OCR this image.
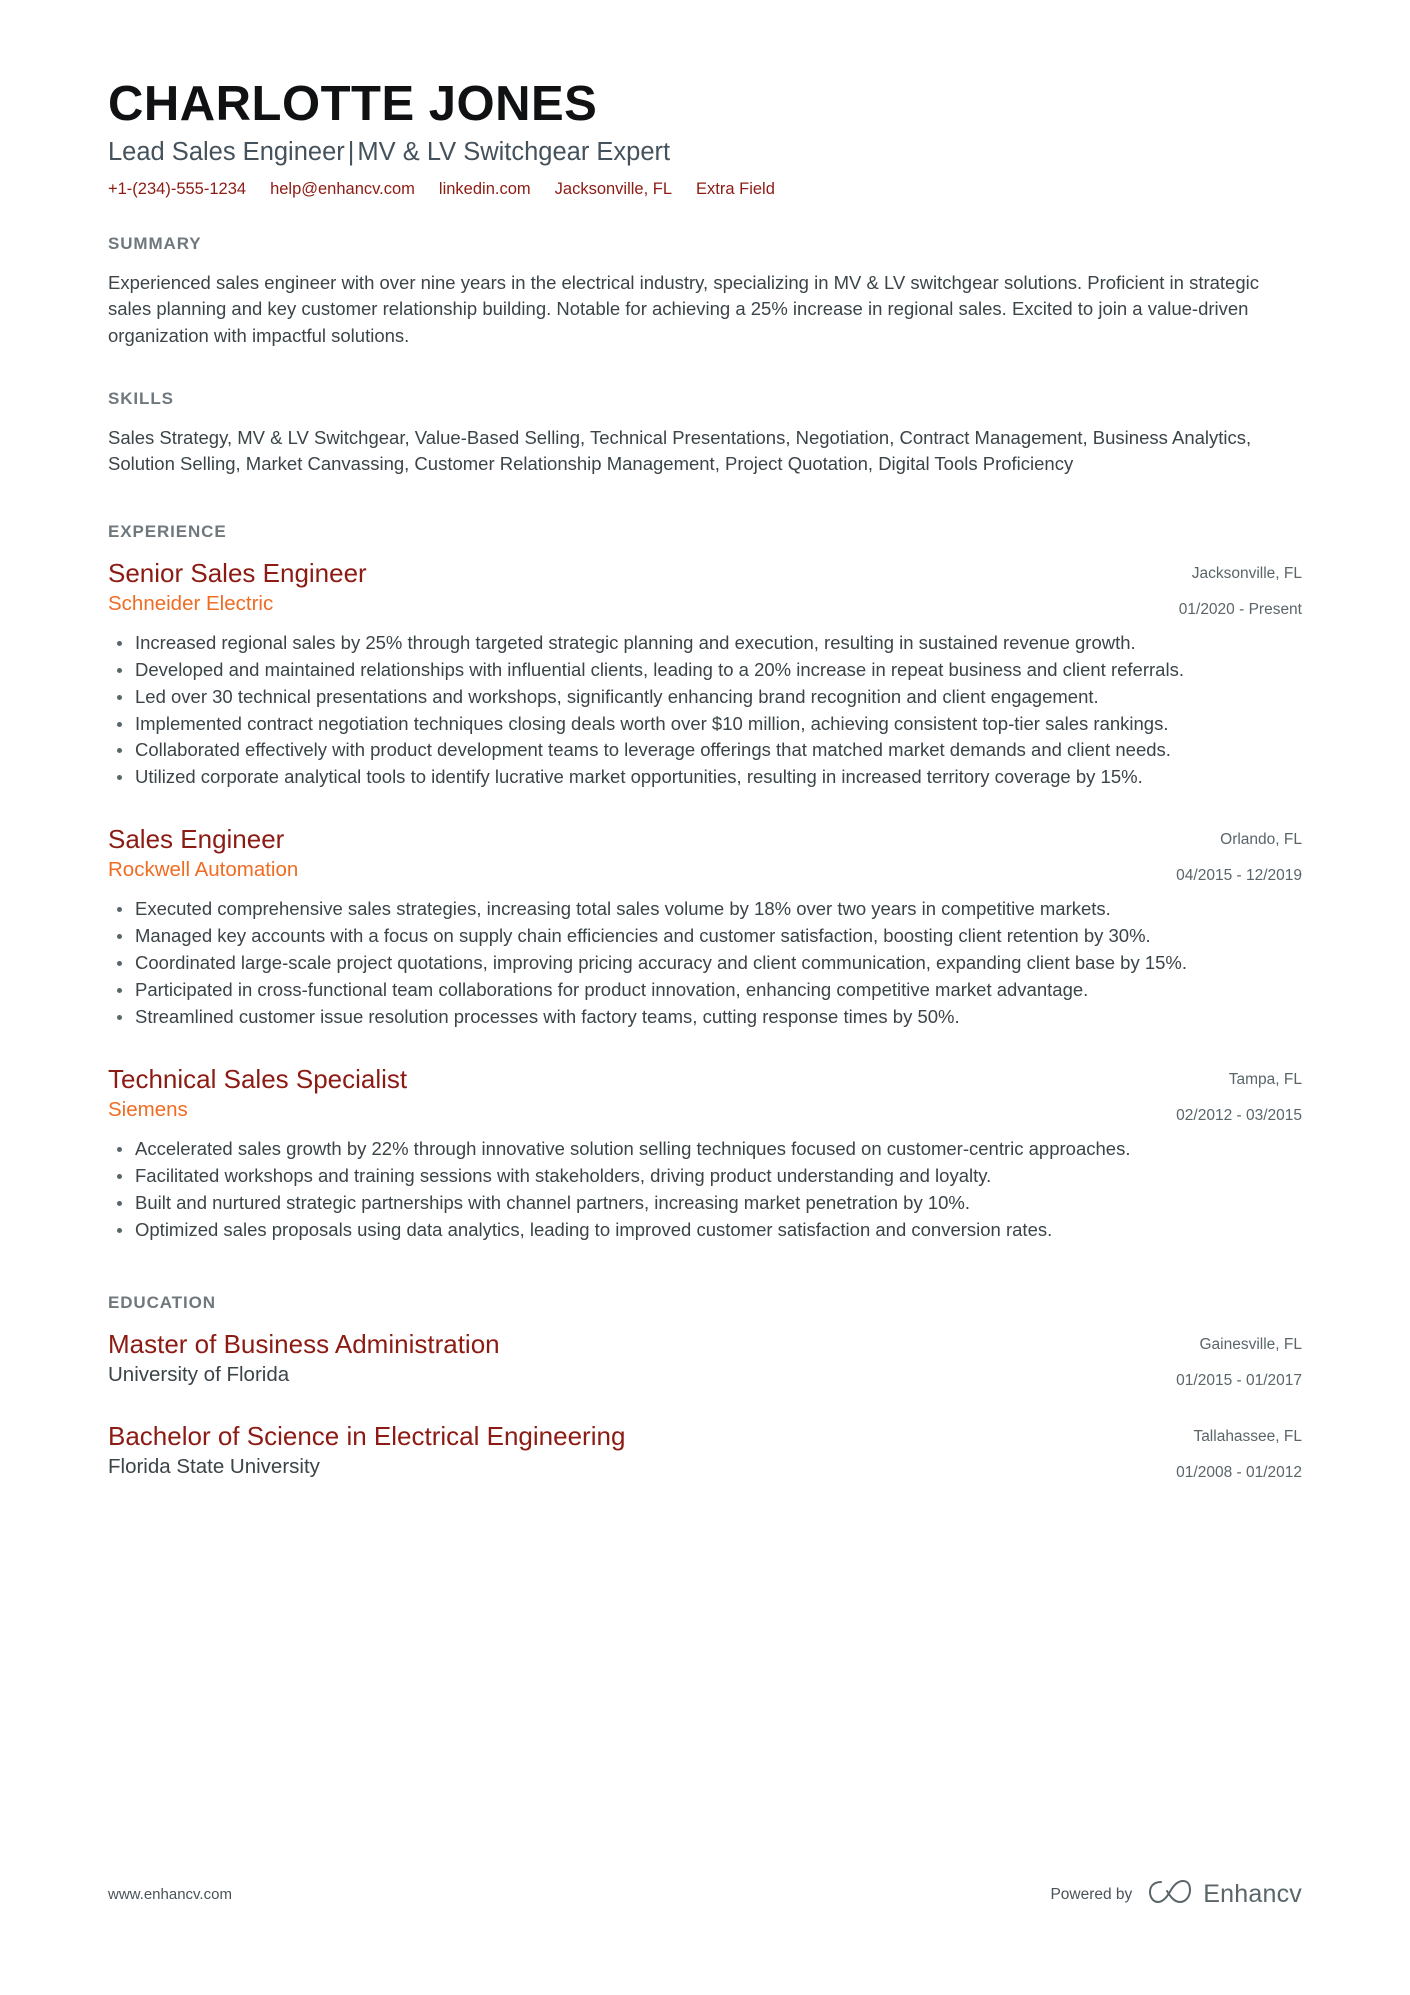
CHARLOTTE JONES
Lead Sales Engineer | MV & LV Switchgear Expert
+1-(234)-555-1234 help@enhancv.com linkedin.com Jacksonville, FL Extra Field
SUMMARY

Experienced sales engineer with over nine years in the electrical industry, specializing in MV & LV switchgear solutions. Proficient in strategic sales planning and key customer relationship building. Notable for achieving a 25% increase in regional sales. Excited to join a value-driven organization with impactful solutions.

SKILLS

Sales Strategy, MV & LV Switchgear, Value-Based Selling, Technical Presentations, Negotiation, Contract Management, Business Analytics, Solution Selling, Market Canvassing, Customer Relationship Management, Project Quotation, Digital Tools Proficiency

EXPERIENCE
Senior Sales Engineer
Schneider Electric
Jacksonville, FL
01/2020 - Present
Increased regional sales by 25% through targeted strategic planning and execution, resulting in sustained revenue growth.
Developed and maintained relationships with influential clients, leading to a 20% increase in repeat business and client referrals.
Led over 30 technical presentations and workshops, significantly enhancing brand recognition and client engagement.
Implemented contract negotiation techniques closing deals worth over $10 million, achieving consistent top-tier sales rankings.
Collaborated effectively with product development teams to leverage offerings that matched market demands and client needs.
Utilized corporate analytical tools to identify lucrative market opportunities, resulting in increased territory coverage by 15%.
Sales Engineer
Rockwell Automation
Orlando, FL
04/2015 - 12/2019
Executed comprehensive sales strategies, increasing total sales volume by 18% over two years in competitive markets.
Managed key accounts with a focus on supply chain efficiencies and customer satisfaction, boosting client retention by 30%.
Coordinated large-scale project quotations, improving pricing accuracy and client communication, expanding client base by 15%.
Participated in cross-functional team collaborations for product innovation, enhancing competitive market advantage.
Streamlined customer issue resolution processes with factory teams, cutting response times by 50%.
Technical Sales Specialist
Siemens
Tampa, FL
02/2012 - 03/2015
Accelerated sales growth by 22% through innovative solution selling techniques focused on customer-centric approaches.
Facilitated workshops and training sessions with stakeholders, driving product understanding and loyalty.
Built and nurtured strategic partnerships with channel partners, increasing market penetration by 10%.
Optimized sales proposals using data analytics, leading to improved customer satisfaction and conversion rates.
EDUCATION
Master of Business Administration
University of Florida
Gainesville, FL
01/2015 - 01/2017
Bachelor of Science in Electrical Engineering
Florida State University
Tallahassee, FL
01/2008 - 01/2012
www.enhancv.com	Powered by	Enhancv
